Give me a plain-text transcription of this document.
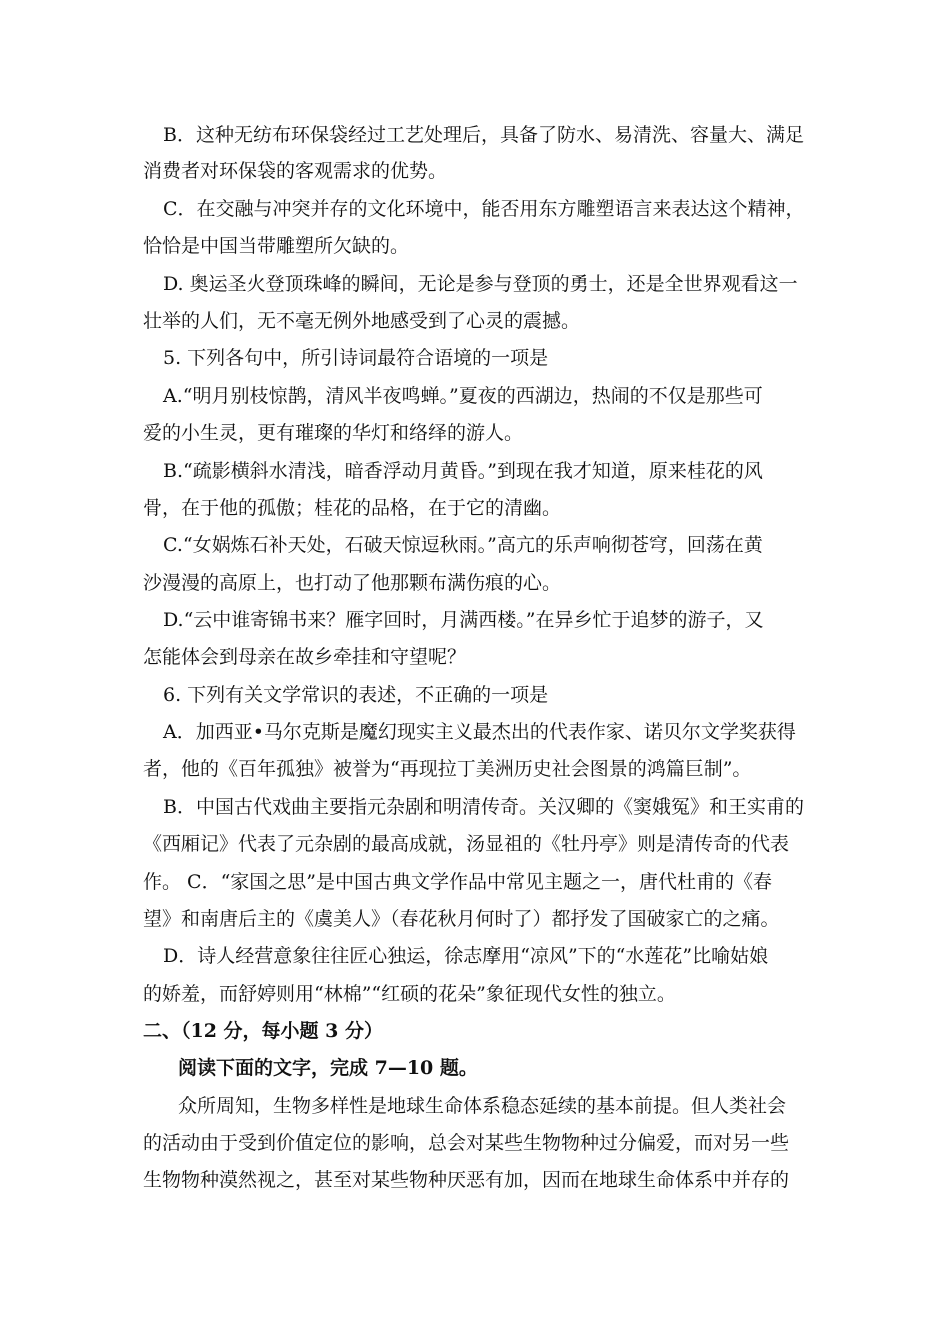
B．这种无纺布环保袋经过工艺处理后，具备了防水、易清洗、容量大、满足
消费者对环保袋的客观需求的优势。
C．在交融与冲突并存的文化环境中，能否用东方雕塑语言来表达这个精神，
恰恰是中国当带雕塑所欠缺的。
D. 奥运圣火登顶珠峰的瞬间，无论是参与登顶的勇士，还是全世界观看这一
壮举的人们，无不毫无例外地感受到了心灵的震撼。
5. 下列各句中，所引诗词最符合语境的一项是
A.“明月别枝惊鹊，清风半夜鸣蝉。”夏夜的西湖边，热闹的不仅是那些可
爱的小生灵，更有璀璨的华灯和络绎的游人。
B.“疏影横斜水清浅，暗香浮动月黄昏。”到现在我才知道，原来桂花的风
骨，在于他的孤傲；桂花的品格，在于它的清幽。
C.“女娲炼石补天处，石破天惊逗秋雨。”高亢的乐声响彻苍穹，回荡在黄
沙漫漫的高原上，也打动了他那颗布满伤痕的心。
D.“云中谁寄锦书来？雁字回时，月满西楼。”在异乡忙于追梦的游子，又
怎能体会到母亲在故乡牵挂和守望呢？
6. 下列有关文学常识的表述，不正确的一项是
A．加西亚•马尔克斯是魔幻现实主义最杰出的代表作家、诺贝尔文学奖获得
者，他的《百年孤独》被誉为“再现拉丁美洲历史社会图景的鸿篇巨制”。
B．中国古代戏曲主要指元杂剧和明清传奇。关汉卿的《窦娥冤》和王实甫的
《西厢记》代表了元杂剧的最高成就，汤显祖的《牡丹亭》则是清传奇的代表
作。 C．“家国之思”是中国古典文学作品中常见主题之一，唐代杜甫的《春
望》和南唐后主的《虞美人》（春花秋月何时了）都抒发了国破家亡的之痛。
D．诗人经营意象往往匠心独运，徐志摩用“凉风”下的“水莲花”比喻姑娘
的娇羞，而舒婷则用“林棉”“红硕的花朵”象征现代女性的独立。
二、（12 分，每小题 3 分）
阅读下面的文字，完成 7—10 题。
众所周知，生物多样性是地球生命体系稳态延续的基本前提。但人类社会
的活动由于受到价值定位的影响，总会对某些生物物种过分偏爱，而对另一些
生物物种漠然视之，甚至对某些物种厌恶有加，因而在地球生命体系中并存的
